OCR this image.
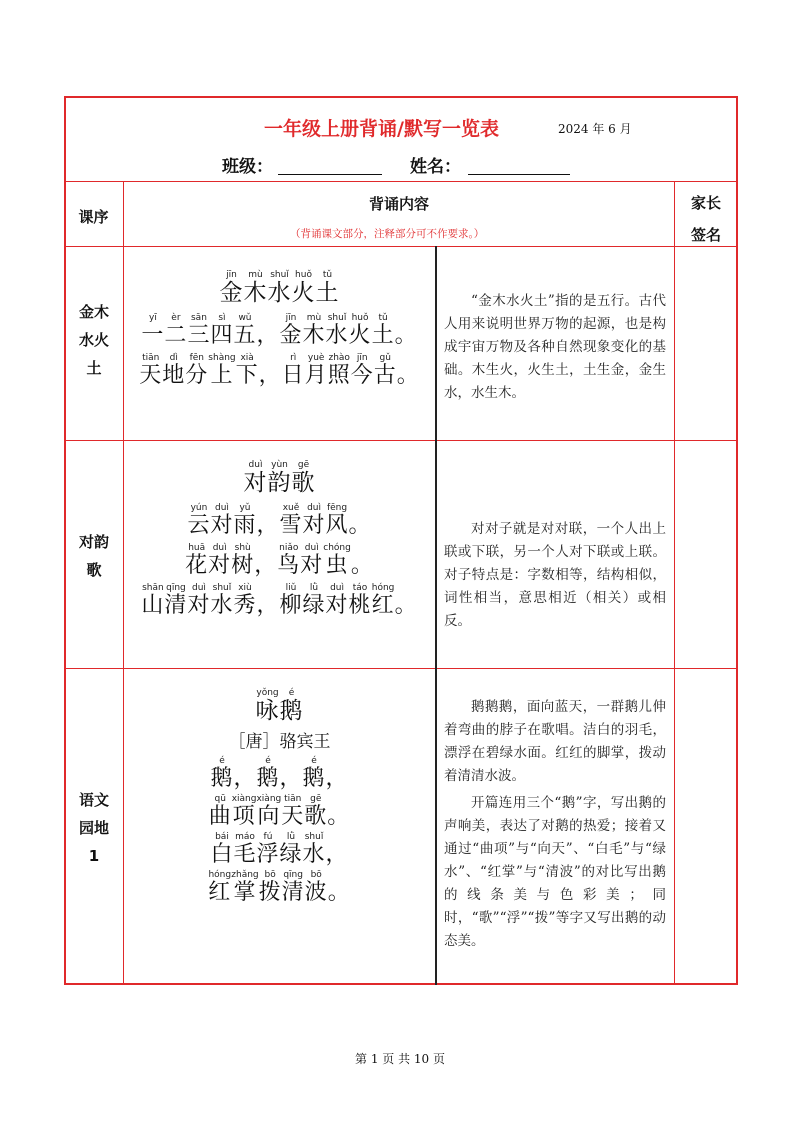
一年级上册背诵/默写一览表	2024 年 6 月
班级：	姓名：
课序
背诵内容
（背诵课文部分，注释部分可不作要求。）
家长
签名
金木
水火
土
金jīn木mù水shuǐ火huǒ土tǔ
一yī二èr三sān四sì五wǔ， 金jīn木mù水shuǐ火huǒ土tǔ。
天tiān地dì分fēn上shàng下xià， 日rì月yuè照zhào今jīn古gǔ。

“金木水火土”指的是五行。古代人用来说明世界万物的起源，也是构成宇宙万物及各种自然现象变化的基础。木生火，火生土，土生金，金生水，水生木。

对韵
歌
对duì韵yùn歌gē
云yún对duì雨yǔ， 雪xuě对duì风fēng。
花huā对duì树shù， 鸟niǎo对duì虫chóng。
山shān清qīng对duì水shuǐ秀xiù， 柳liǔ绿lǜ对duì桃táo红hóng。

对对子就是对对联，一个人出上联或下联，另一个人对下联或上联。对子特点是：字数相等，结构相似，词性相当，意思相近（相关）或相反。

语文
园地
1
咏yǒng鹅é
［唐］骆宾王
鹅é， 鹅é， 鹅é，
曲qū项xiàng向xiàng天tiān歌gē。
白bái毛máo浮fú绿lǜ水shuǐ，
红hóng掌zhǎng拨bō清qīng波bō。

鹅鹅鹅，面向蓝天，一群鹅儿伸着弯曲的脖子在歌唱。洁白的羽毛，漂浮在碧绿水面。红红的脚掌，拨动着清清水波。

开篇连用三个“鹅”字，写出鹅的声响美，表达了对鹅的热爱；接着又通过“曲项”与“向天”、“白毛”与“绿水”、“红掌”与“清波”的对比写出鹅的线条美与色彩美；同时，“歌”“浮”“拨”等字又写出鹅的动态美。

第 1 页 共 10 页
